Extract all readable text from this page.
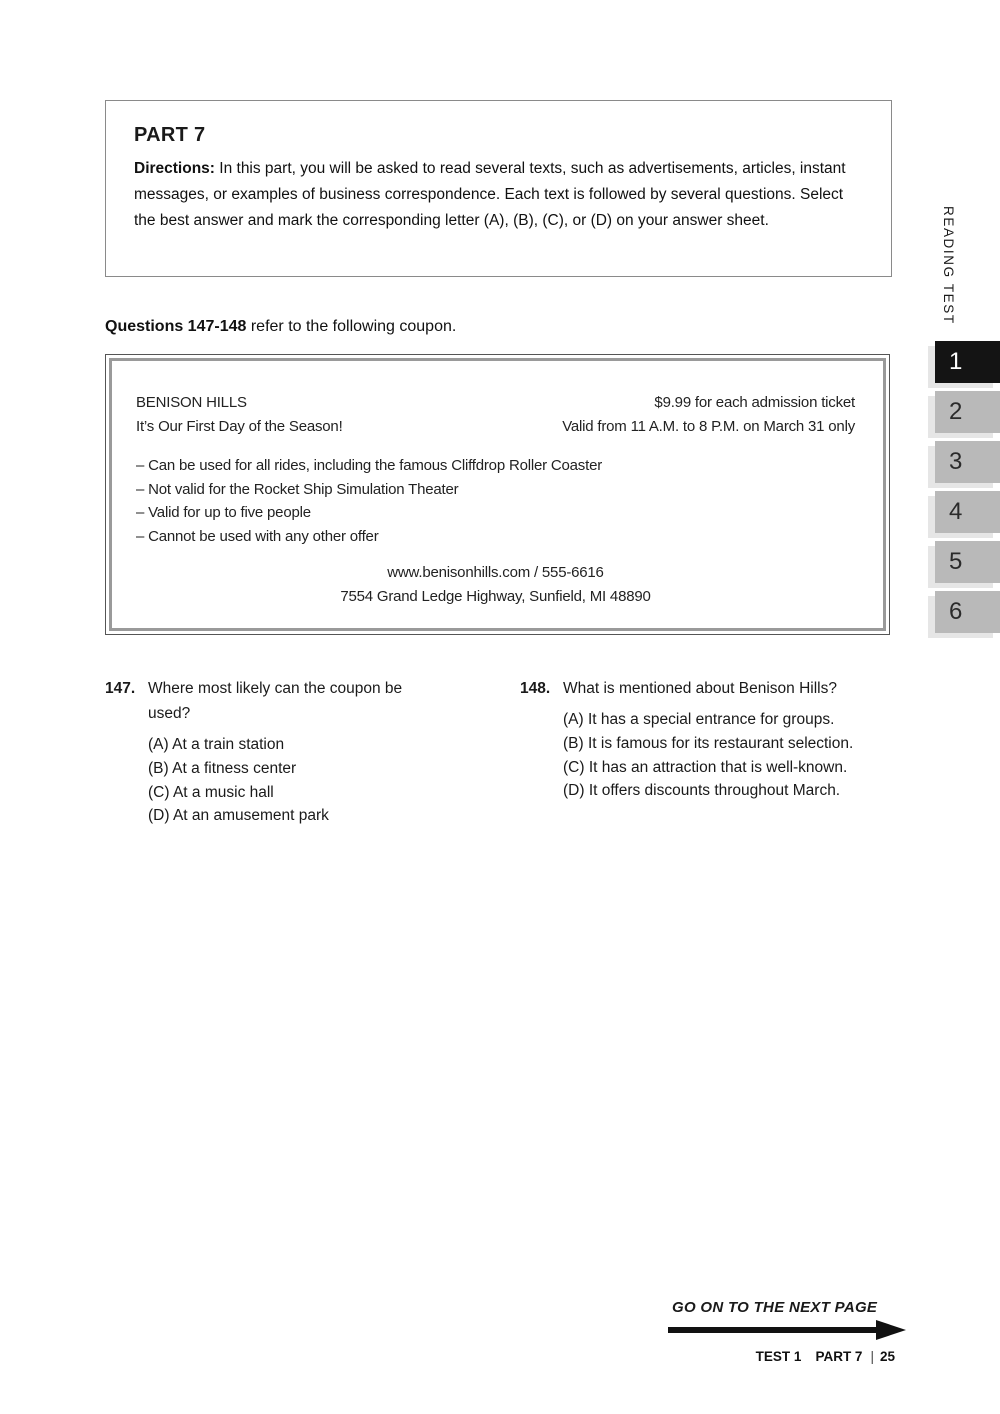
PART 7
Directions: In this part, you will be asked to read several texts, such as advertisements, articles, instant messages, or examples of business correspondence. Each text is followed by several questions. Select the best answer and mark the corresponding letter (A), (B), (C), or (D) on your answer sheet.
Questions 147-148 refer to the following coupon.
BENISON HILLS
It’s Our First Day of the Season!
$9.99 for each admission ticket
Valid from 11 A.M. to 8 P.M. on March 31 only
– Can be used for all rides, including the famous Cliffdrop Roller Coaster
– Not valid for the Rocket Ship Simulation Theater
– Valid for up to five people
– Cannot be used with any other offer
www.benisonhills.com / 555-6616
7554 Grand Ledge Highway, Sunfield, MI 48890
147. Where most likely can the coupon be used?
(A) At a train station
(B) At a fitness center
(C) At a music hall
(D) At an amusement park
148. What is mentioned about Benison Hills?
(A) It has a special entrance for groups.
(B) It is famous for its restaurant selection.
(C) It has an attraction that is well-known.
(D) It offers discounts throughout March.
READING TEST
1
2
3
4
5
6
GO ON TO THE NEXT PAGE
TEST 1 PART 7 | 25
